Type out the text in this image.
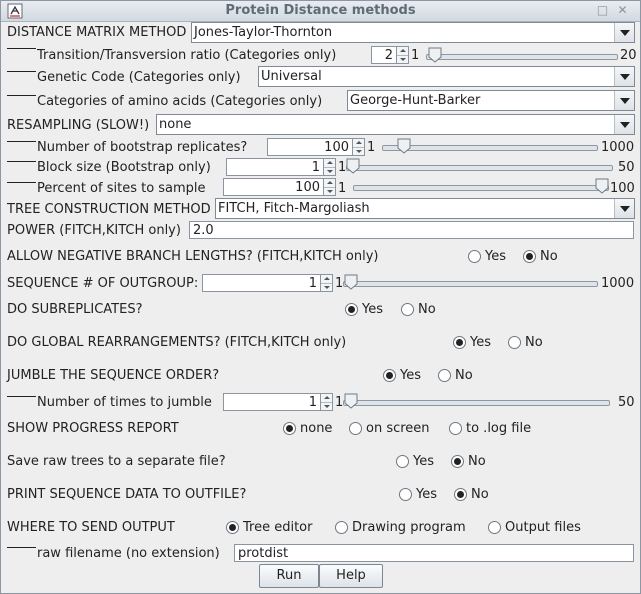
Protein Distance methods	□ ✕
DISTANCE MATRIX METHOD Jones-Taylor-Thornton
Transition/Transversion ratio (Categories only)	2 1	20
Genetic Code (Categories only) Universal
Categories of amino acids (Categories only) George-Hunt-Barker
RESAMPLING (SLOW!) none
Number of bootstrap replicates?	100 1	1000
Block size (Bootstrap only)	1 1	50
Percent of sites to sample	100 1	100
TREE CONSTRUCTION METHOD FITCH, Fitch-Margoliash
POWER (FITCH,KITCH only) 2.0
ALLOW NEGATIVE BRANCH LENGTHS? (FITCH,KITCH only)	Yes	No
SEQUENCE # OF OUTGROUP:	1 1	1000
DO SUBREPLICATES?	Yes	No
DO GLOBAL REARRANGEMENTS? (FITCH,KITCH only)	Yes	No
JUMBLE THE SEQUENCE ORDER?	Yes	No
Number of times to jumble	1 1	50
SHOW PROGRESS REPORT	none	on screen	to .log file
Save raw trees to a separate file?	Yes	No
PRINT SEQUENCE DATA TO OUTFILE?	Yes	No
WHERE TO SEND OUTPUT	Tree editor	Drawing program	Output files
raw filename (no extension) protdist
Run	Help
